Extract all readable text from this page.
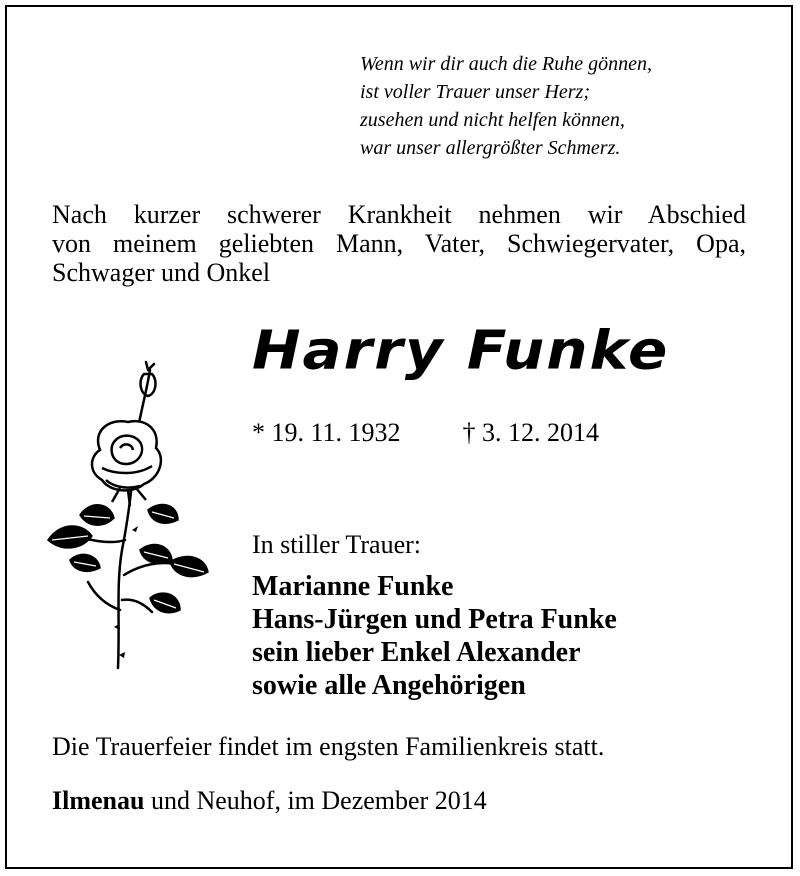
Wenn wir dir auch die Ruhe gönnen,
ist voller Trauer unser Herz;
zusehen und nicht helfen können,
war unser allergrößter Schmerz.
Nach kurzer schwerer Krankheit nehmen wir Abschied
von meinem geliebten Mann, Vater, Schwiegervater, Opa,
Schwager und Onkel
Harry Funke
* 19. 11. 1932 † 3. 12. 2014
In stiller Trauer:
Marianne Funke
Hans-Jürgen und Petra Funke
sein lieber Enkel Alexander
sowie alle Angehörigen
Die Trauerfeier findet im engsten Familienkreis statt.
Ilmenau und Neuhof, im Dezember 2014
